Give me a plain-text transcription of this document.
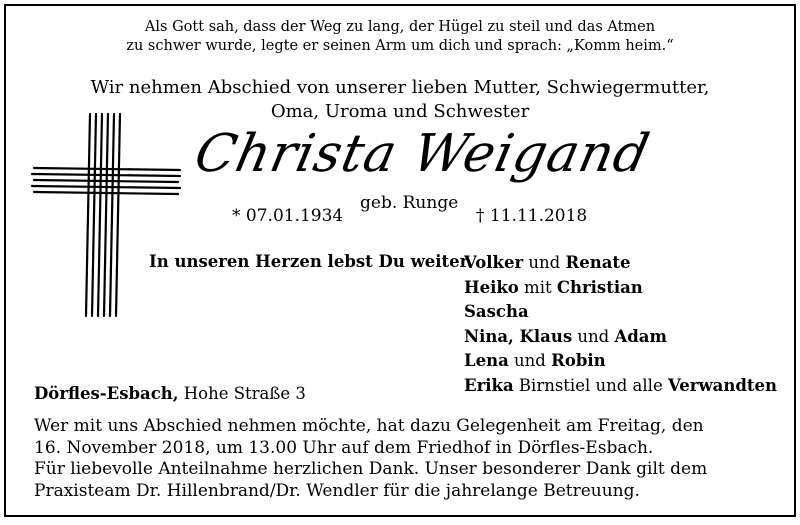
Als Gott sah, dass der Weg zu lang, der Hügel zu steil und das Atmen
zu schwer wurde, legte er seinen Arm um dich und sprach: „Komm heim.“
Wir nehmen Abschied von unserer lieben Mutter, Schwiegermutter,
Oma, Uroma und Schwester
Christa Weigand
* 07.01.1934
geb. Runge
† 11.11.2018
In unseren Herzen lebst Du weiter.
Volker und Renate
Heiko mit Christian
Sascha
Nina, Klaus und Adam
Lena und Robin
Erika Birnstiel und alle Verwandten
Dörfles-Esbach, Hohe Straße 3
Wer mit uns Abschied nehmen möchte, hat dazu Gelegenheit am Freitag, den
16. November 2018, um 13.00 Uhr auf dem Friedhof in Dörfles-Esbach.
Für liebevolle Anteilnahme herzlichen Dank. Unser besonderer Dank gilt dem
Praxisteam Dr. Hillenbrand/Dr. Wendler für die jahrelange Betreuung.
